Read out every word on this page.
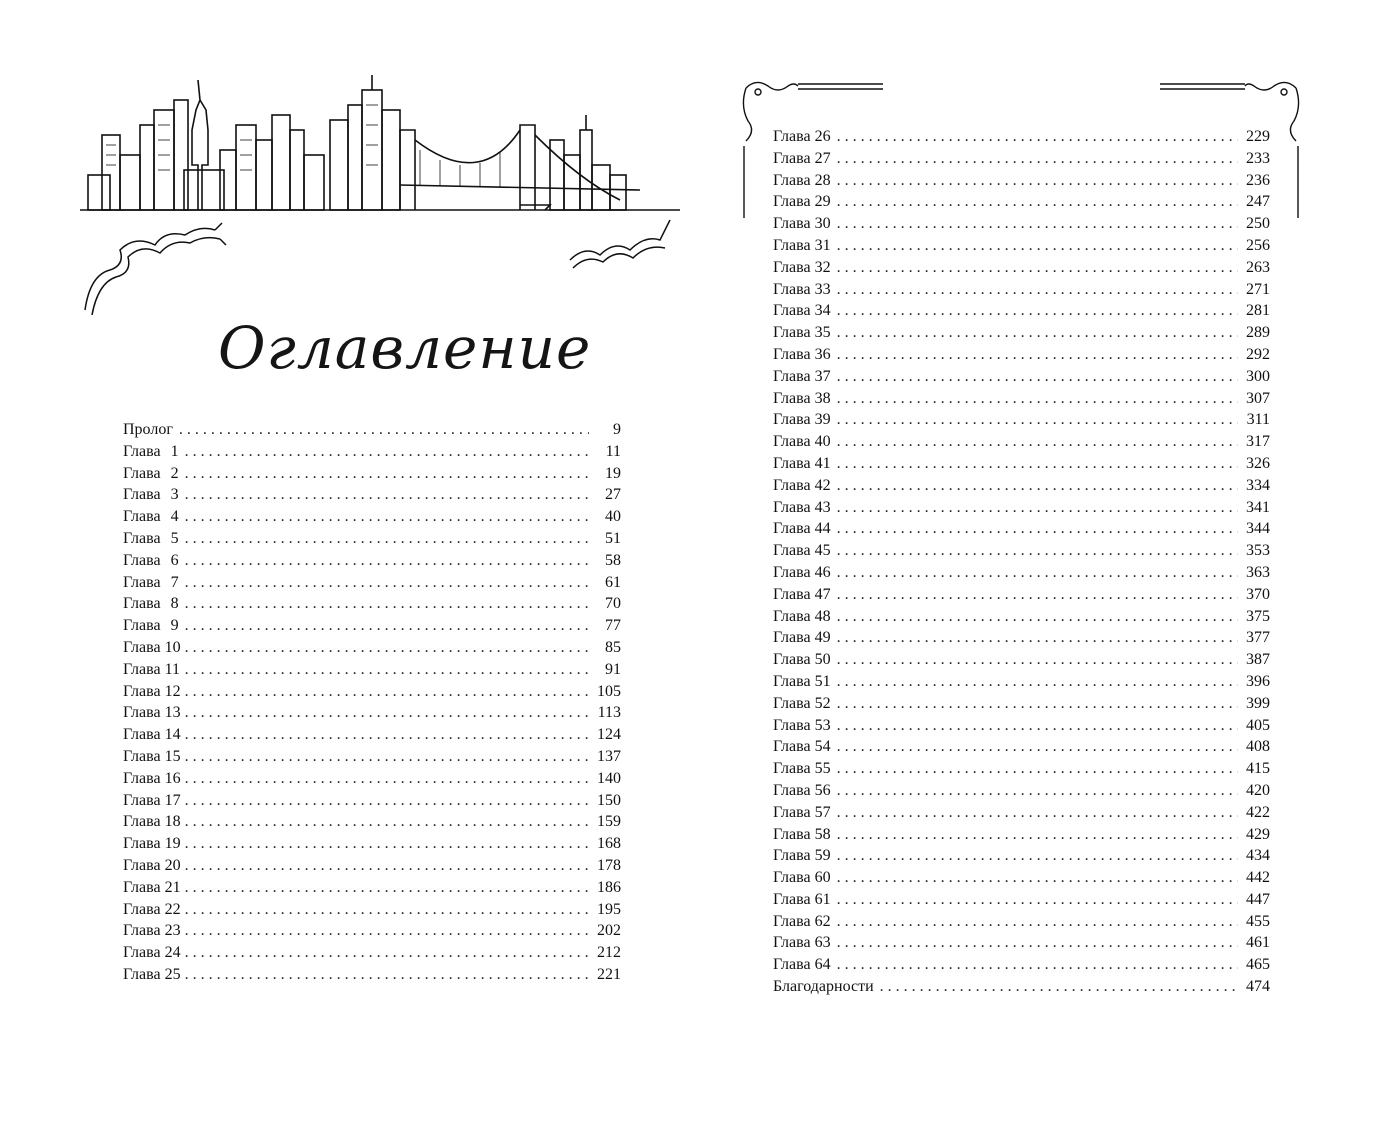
Оглавление
Пролог . . .	9
Глава 1 . . .	11
Глава 2 . . .	19
Глава 3 . . .	27
Глава 4 . . .	40
Глава 5 . . .	51
Глава 6 . . .	58
Глава 7 . . .	61
Глава 8 . . .	70
Глава 9 . . .	77
Глава 10 . . .	85
Глава 11 . . .	91
Глава 12 . . .	105
Глава 13 . . .	113
Глава 14 . . .	124
Глава 15 . . .	137
Глава 16 . . .	140
Глава 17 . . .	150
Глава 18 . . .	159
Глава 19 . . .	168
Глава 20 . . .	178
Глава 21 . . .	186
Глава 22 . . .	195
Глава 23 . . .	202
Глава 24 . . .	212
Глава 25 . . .	221
Глава 26 . . .	229
Глава 27 . . .	233
Глава 28 . . .	236
Глава 29 . . .	247
Глава 30 . . .	250
Глава 31 . . .	256
Глава 32 . . .	263
Глава 33 . . .	271
Глава 34 . . .	281
Глава 35 . . .	289
Глава 36 . . .	292
Глава 37 . . .	300
Глава 38 . . .	307
Глава 39 . . .	311
Глава 40 . . .	317
Глава 41 . . .	326
Глава 42 . . .	334
Глава 43 . . .	341
Глава 44 . . .	344
Глава 45 . . .	353
Глава 46 . . .	363
Глава 47 . . .	370
Глава 48 . . .	375
Глава 49 . . .	377
Глава 50 . . .	387
Глава 51 . . .	396
Глава 52 . . .	399
Глава 53 . . .	405
Глава 54 . . .	408
Глава 55 . . .	415
Глава 56 . . .	420
Глава 57 . . .	422
Глава 58 . . .	429
Глава 59 . . .	434
Глава 60 . . .	442
Глава 61 . . .	447
Глава 62 . . .	455
Глава 63 . . .	461
Глава 64 . . .	465
Благодарности . . .	474
